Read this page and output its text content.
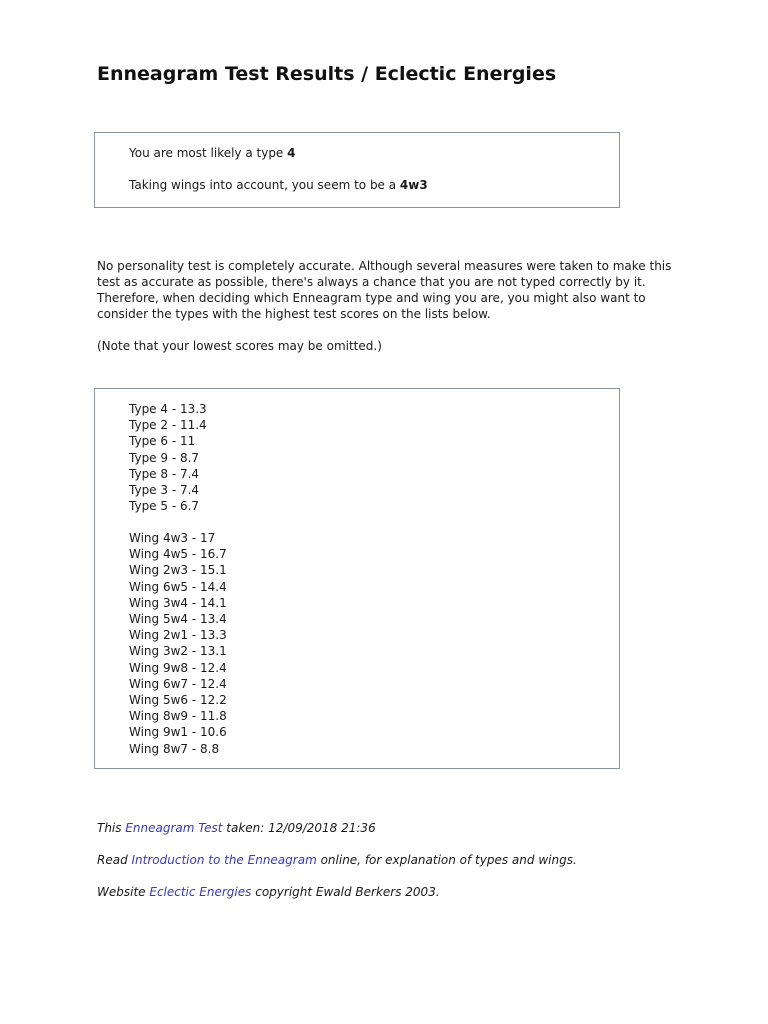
Enneagram Test Results / Eclectic Energies
You are most likely a type 4
Taking wings into account, you seem to be a 4w3

No personality test is completely accurate. Although several measures were taken to make this test as accurate as possible, there's always a chance that you are not typed correctly by it. Therefore, when deciding which Enneagram type and wing you are, you might also want to consider the types with the highest test scores on the lists below.

(Note that your lowest scores may be omitted.)

Type 4 - 13.3
Type 2 - 11.4
Type 6 - 11
Type 9 - 8.7
Type 8 - 7.4
Type 3 - 7.4
Type 5 - 6.7
Wing 4w3 - 17
Wing 4w5 - 16.7
Wing 2w3 - 15.1
Wing 6w5 - 14.4
Wing 3w4 - 14.1
Wing 5w4 - 13.4
Wing 2w1 - 13.3
Wing 3w2 - 13.1
Wing 9w8 - 12.4
Wing 6w7 - 12.4
Wing 5w6 - 12.2
Wing 8w9 - 11.8
Wing 9w1 - 10.6
Wing 8w7 - 8.8

This Enneagram Test taken: 12/09/2018 21:36

Read Introduction to the Enneagram online, for explanation of types and wings.

Website Eclectic Energies copyright Ewald Berkers 2003.
